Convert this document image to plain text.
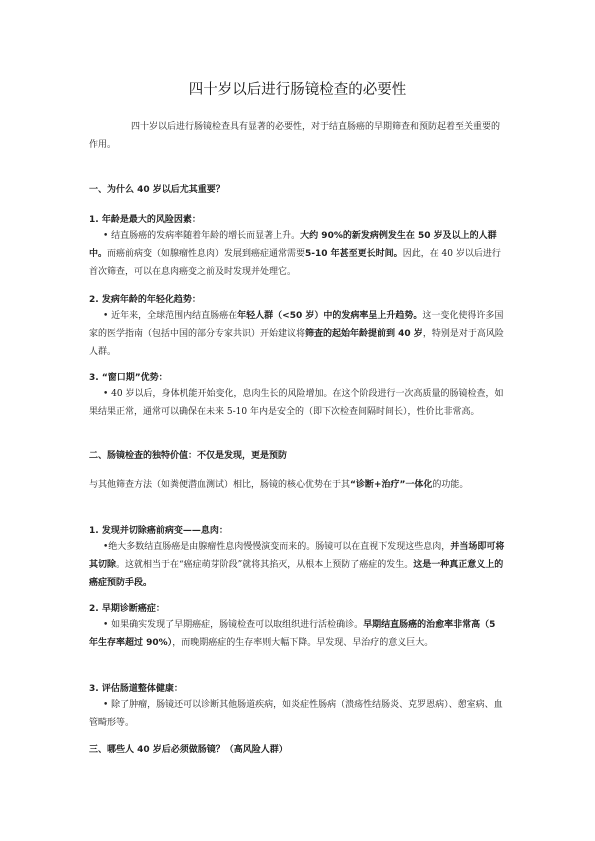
四十岁以后进行肠镜检查的必要性
四十岁以后进行肠镜检查具有显著的必要性，对于结直肠癌的早期筛查和预防起着至关重要的作用。
一、为什么 40 岁以后尤其重要？
1. 年龄是最大的风险因素：
• 结直肠癌的发病率随着年龄的增长而显著上升。大约 90%的新发病例发生在 50 岁及以上的人群中。而癌前病变（如腺瘤性息肉）发展到癌症通常需要5-10 年甚至更长时间。因此，在 40 岁以后进行首次筛查，可以在息肉癌变之前及时发现并处理它。
2. 发病年龄的年轻化趋势：
• 近年来，全球范围内结直肠癌在年轻人群（<50 岁）中的发病率呈上升趋势。这一变化使得许多国家的医学指南（包括中国的部分专家共识）开始建议将筛查的起始年龄提前到 40 岁，特别是对于高风险人群。
3. “窗口期”优势：
• 40 岁以后，身体机能开始变化，息肉生长的风险增加。在这个阶段进行一次高质量的肠镜检查，如果结果正常，通常可以确保在未来 5-10 年内是安全的（即下次检查间隔时间长），性价比非常高。
二、肠镜检查的独特价值：不仅是发现，更是预防
与其他筛查方法（如粪便潜血测试）相比，肠镜的核心优势在于其“诊断+治疗”一体化的功能。
1. 发现并切除癌前病变——息肉：
•绝大多数结直肠癌是由腺瘤性息肉慢慢演变而来的。肠镜可以在直视下发现这些息肉，并当场即可将其切除。这就相当于在“癌症萌芽阶段”就将其掐灭，从根本上预防了癌症的发生。这是一种真正意义上的癌症预防手段。
2. 早期诊断癌症：
• 如果确实发现了早期癌症，肠镜检查可以取组织进行活检确诊。早期结直肠癌的治愈率非常高（5 年生存率超过 90%），而晚期癌症的生存率则大幅下降。早发现、早治疗的意义巨大。
3. 评估肠道整体健康：
• 除了肿瘤，肠镜还可以诊断其他肠道疾病，如炎症性肠病（溃疡性结肠炎、克罗恩病）、憩室病、血管畸形等。
三、哪些人 40 岁后必须做肠镜？（高风险人群）
